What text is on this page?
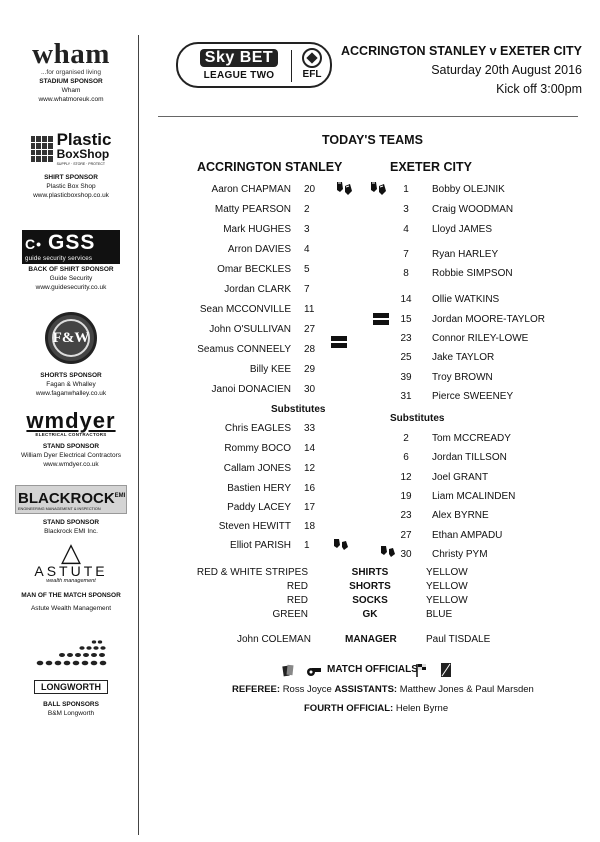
wham
...for organised living
STADIUM SPONSOR
Wham
www.whatmoreuk.com
Plastic
BoxShop
SUPPLY · STORE · PROTECT
SHIRT SPONSOR
Plastic Box Shop
www.plasticboxshop.co.uk
C• GSS
guide security services
BACK OF SHIRT SPONSOR
Guide Security
www.guidesecurity.co.uk
F&W
SHORTS SPONSOR
Fagan & Whalley
www.faganwhalley.co.uk
wmdyer
ELECTRICAL CONTRACTORS
STAND SPONSOR
William Dyer Electrical Contractors
www.wmdyer.co.uk
$BLACKROCK^{EMI}$
ENGINEERING MANAGEMENT & INSPECTION
STAND SPONSOR
Blackrock EMI Inc.
△
ASTUTE
wealth management
MAN OF THE MATCH SPONSOR
Astute Wealth Management
LONGWORTH
BALL SPONSORS
B&M Longworth
Sky BET
LEAGUE TWO	EFL
ACCRINGTON STANLEY v EXETER CITY
Saturday 20th August 2016
Kick off 3:00pm
TODAY'S TEAMS
ACCRINGTON STANLEY	EXETER CITY
Aaron CHAPMAN 20
Matty PEARSON 2
Mark HUGHES 3
Arron DAVIES 4
Omar BECKLES 5
Jordan CLARK 7
Sean MCCONVILLE 11
John O'SULLIVAN 27
Seamus CONNEELY 28
Billy KEE 29
Janoi DONACIEN 30
Substitutes
Chris EAGLES 33
Rommy BOCO 14
Callam JONES 12
Bastien HERY 16
Paddy LACEY 17
Steven HEWITT 18
Elliot PARISH 1
1	Bobby OLEJNIK
3	Craig WOODMAN
4	Lloyd JAMES
7	Ryan HARLEY
8	Robbie SIMPSON
14	Ollie WATKINS
15	Jordan MOORE-TAYLOR
23	Connor RILEY-LOWE
25	Jake TAYLOR
39	Troy BROWN
31	Pierce SWEENEY
Substitutes
2	Tom MCCREADY
6	Jordan TILLSON
12	Joel GRANT
19	Liam MCALINDEN
23	Alex BYRNE
27	Ethan AMPADU
30	Christy PYM
RED & WHITE STRIPES	SHIRTS	YELLOW
RED	SHORTS	YELLOW
RED	SOCKS	YELLOW
GREEN	GK	BLUE
John COLEMAN	MANAGER	Paul TISDALE
MATCH OFFICIALS
REFEREE: Ross Joyce ASSISTANTS: Matthew Jones & Paul Marsden
FOURTH OFFICIAL: Helen Byrne
